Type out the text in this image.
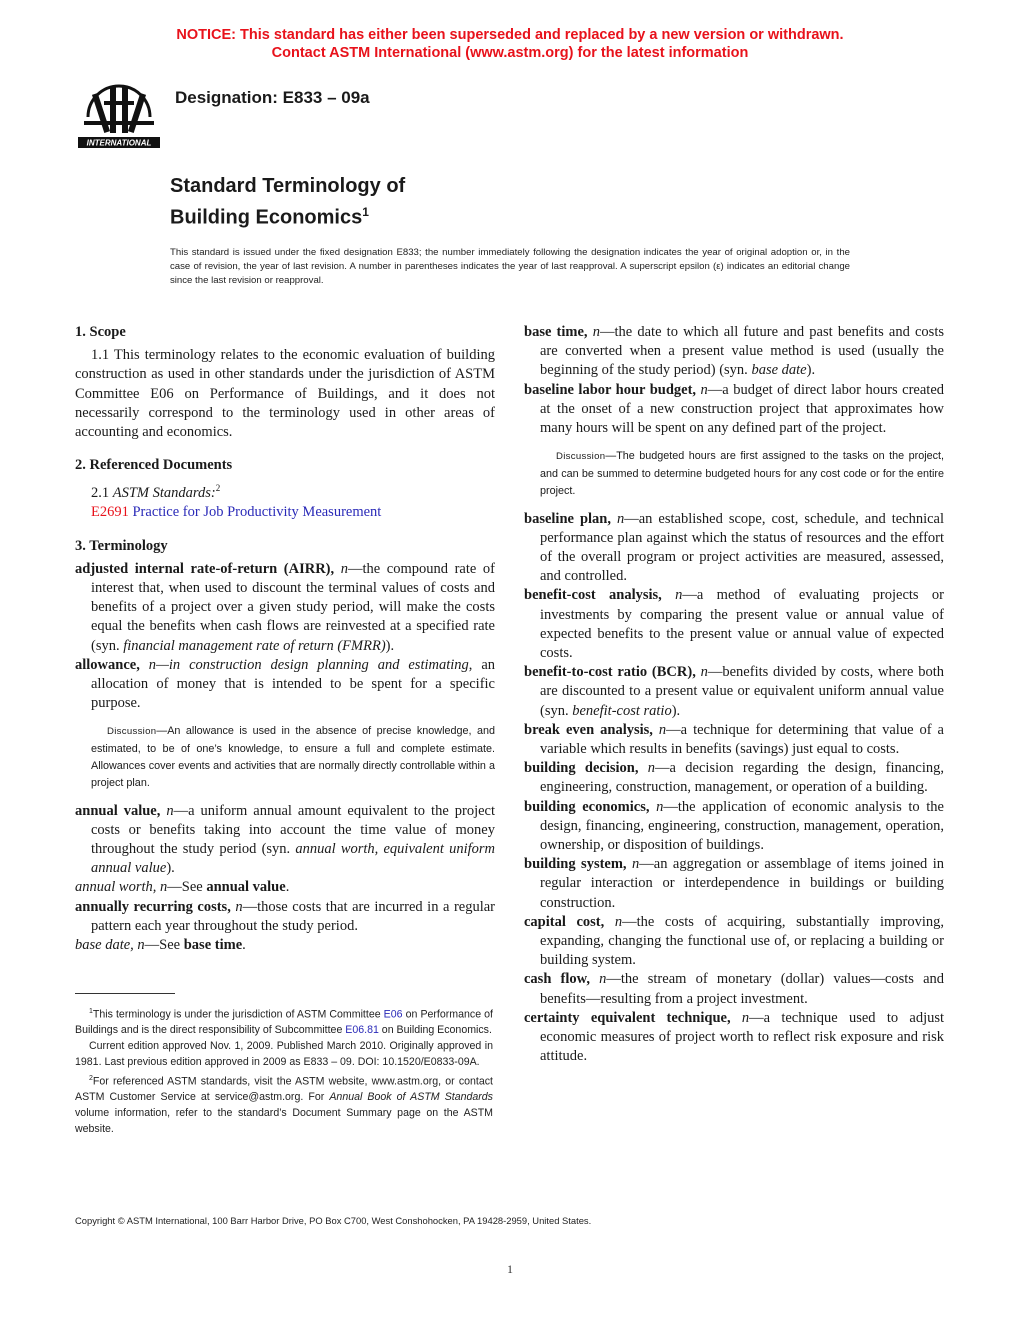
NOTICE: This standard has either been superseded and replaced by a new version or withdrawn.
Contact ASTM International (www.astm.org) for the latest information
INTERNATIONAL
Designation: E833 – 09a
Standard Terminology of
Building Economics$^1$
This standard is issued under the fixed designation E833; the number immediately following the designation indicates the year of original adoption or, in the case of revision, the year of last revision. A number in parentheses indicates the year of last reapproval. A superscript epsilon (ε) indicates an editorial change since the last revision or reapproval.
1. Scope

1.1 This terminology relates to the economic evaluation of building construction as used in other standards under the jurisdiction of ASTM Committee E06 on Performance of Buildings, and it does not necessarily correspond to the terminology used in other areas of accounting and economics.

2. Referenced Documents

2.1 ASTM Standards:$^2$

E2691 Practice for Job Productivity Measurement

3. Terminology

adjusted internal rate-of-return (AIRR), n—the compound rate of interest that, when used to discount the terminal values of costs and benefits of a project over a given study period, will make the costs equal the benefits when cash flows are reinvested at a specified rate (syn. financial management rate of return (FMRR)).

allowance, n—in construction design planning and estimating, an allocation of money that is intended to be spent for a specific purpose.

Discussion—An allowance is used in the absence of precise knowledge, and estimated, to be of one’s knowledge, to ensure a full and complete estimate. Allowances cover events and activities that are normally directly controllable within a project plan.

annual value, n—a uniform annual amount equivalent to the project costs or benefits taking into account the time value of money throughout the study period (syn. annual worth, equivalent uniform annual value).

annual worth, n—See annual value.

annually recurring costs, n—those costs that are incurred in a regular pattern each year throughout the study period.

base date, n—See base time.

$^1$This terminology is under the jurisdiction of ASTM Committee E06 on Performance of Buildings and is the direct responsibility of Subcommittee E06.81 on Building Economics.

Current edition approved Nov. 1, 2009. Published March 2010. Originally approved in 1981. Last previous edition approved in 2009 as E833 – 09. DOI: 10.1520/E0833-09A.

$^2$For referenced ASTM standards, visit the ASTM website, www.astm.org, or contact ASTM Customer Service at service@astm.org. For Annual Book of ASTM Standards volume information, refer to the standard’s Document Summary page on the ASTM website.

base time, n—the date to which all future and past benefits and costs are converted when a present value method is used (usually the beginning of the study period) (syn. base date).

baseline labor hour budget, n—a budget of direct labor hours created at the onset of a new construction project that approximates how many hours will be spent on any defined part of the project.

Discussion—The budgeted hours are first assigned to the tasks on the project, and can be summed to determine budgeted hours for any cost code or for the entire project.

baseline plan, n—an established scope, cost, schedule, and technical performance plan against which the status of resources and the effort of the overall program or project activities are measured, assessed, and controlled.

benefit-cost analysis, n—a method of evaluating projects or investments by comparing the present value or annual value of expected benefits to the present value or annual value of expected costs.

benefit-to-cost ratio (BCR), n—benefits divided by costs, where both are discounted to a present value or equivalent uniform annual value (syn. benefit-cost ratio).

break even analysis, n—a technique for determining that value of a variable which results in benefits (savings) just equal to costs.

building decision, n—a decision regarding the design, financing, engineering, construction, management, or operation of a building.

building economics, n—the application of economic analysis to the design, financing, engineering, construction, management, operation, ownership, or disposition of buildings.

building system, n—an aggregation or assemblage of items joined in regular interaction or interdependence in buildings or building construction.

capital cost, n—the costs of acquiring, substantially improving, expanding, changing the functional use of, or replacing a building or building system.

cash flow, n—the stream of monetary (dollar) values—costs and benefits—resulting from a project investment.

certainty equivalent technique, n—a technique used to adjust economic measures of project worth to reflect risk exposure and risk attitude.

Copyright © ASTM International, 100 Barr Harbor Drive, PO Box C700, West Conshohocken, PA 19428-2959, United States.
1
